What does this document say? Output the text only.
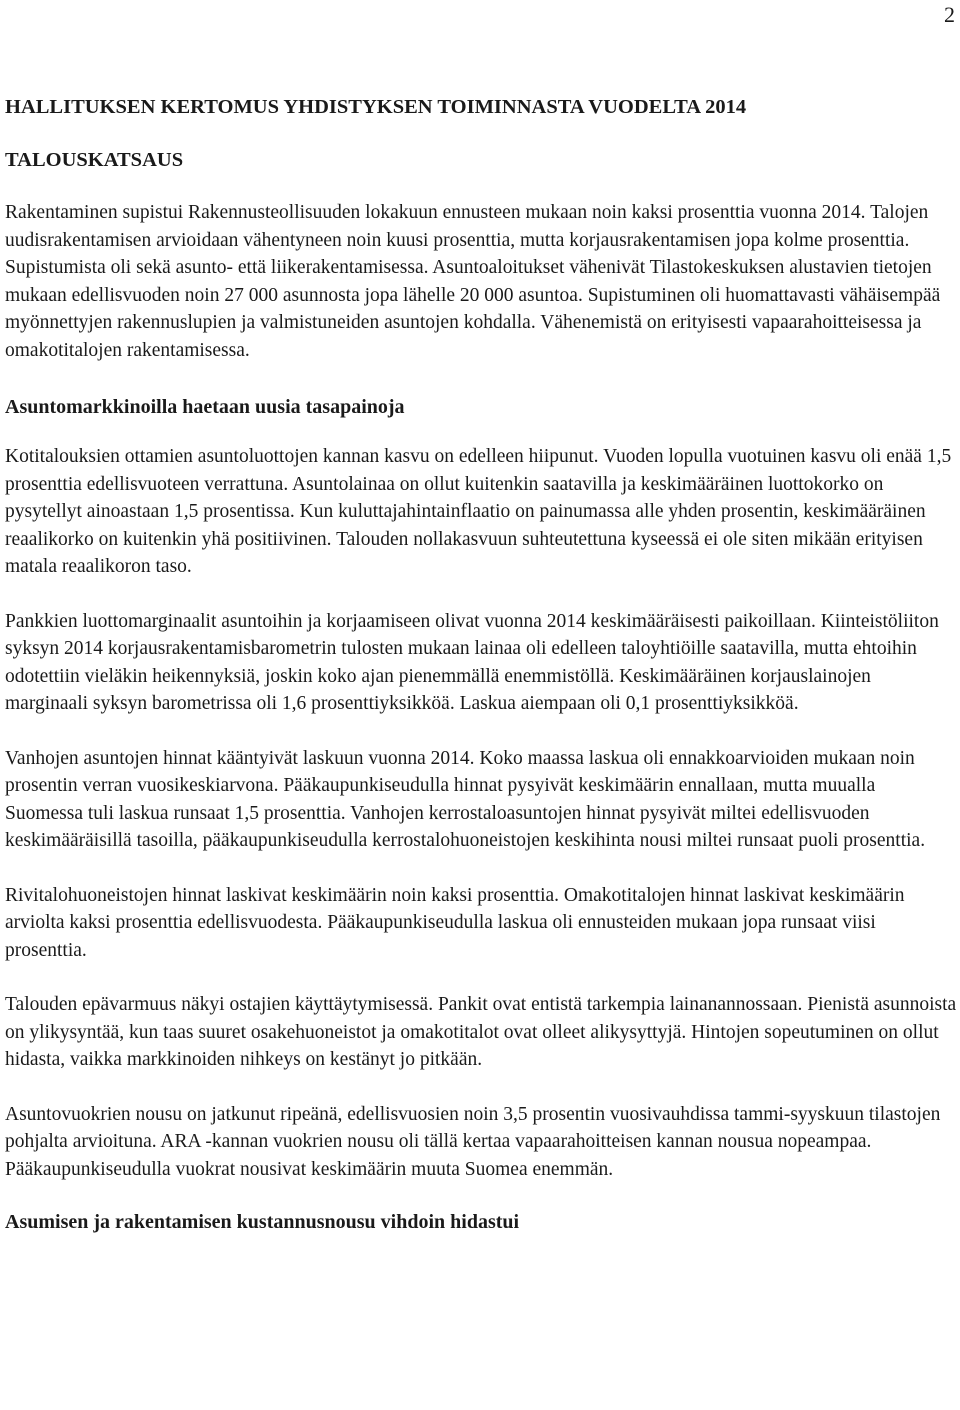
2
HALLITUKSEN KERTOMUS YHDISTYKSEN TOIMINNASTA VUODELTA 2014
TALOUSKATSAUS

Rakentaminen supistui Rakennusteollisuuden lokakuun ennusteen mukaan noin kaksi prosenttia vuonna 2014. Talojen uudisrakentamisen arvioidaan vähentyneen noin kuusi prosenttia, mutta korjausrakentamisen jopa kolme prosenttia. Supistumista oli sekä asunto- että liikerakentamisessa. Asuntoaloitukset vähenivät Tilastokeskuksen alustavien tietojen mukaan edellisvuoden noin 27 000 asunnosta jopa lähelle 20 000 asuntoa. Supistuminen oli huomattavasti vähäisempää myönnettyjen rakennuslupien ja valmistuneiden asuntojen kohdalla. Vähenemistä on erityisesti vapaarahoitteisessa ja omakotitalojen rakentamisessa.

Asuntomarkkinoilla haetaan uusia tasapainoja

Kotitalouksien ottamien asuntoluottojen kannan kasvu on edelleen hiipunut. Vuoden lopulla vuotuinen kasvu oli enää 1,5 prosenttia edellisvuoteen verrattuna. Asuntolainaa on ollut kuitenkin saatavilla ja keskimääräinen luottokorko on pysytellyt ainoastaan 1,5 prosentissa. Kun kuluttajahintainflaatio on painumassa alle yhden prosentin, keskimääräinen reaalikorko on kuitenkin yhä positiivinen. Talouden nollakasvuun suhteutettuna kyseessä ei ole siten mikään erityisen matala reaalikoron taso.

Pankkien luottomarginaalit asuntoihin ja korjaamiseen olivat vuonna 2014 keskimääräisesti paikoillaan. Kiinteistöliiton syksyn 2014 korjausrakentamisbarometrin tulosten mukaan lainaa oli edelleen taloyhtiöille saatavilla, mutta ehtoihin odotettiin vieläkin heikennyksiä, joskin koko ajan pienemmällä enemmistöllä. Keskimääräinen korjauslainojen marginaali syksyn barometrissa oli 1,6 prosenttiyksikköä. Laskua aiempaan oli 0,1 prosenttiyksikköä.

Vanhojen asuntojen hinnat kääntyivät laskuun vuonna 2014. Koko maassa laskua oli ennakkoarvioiden mukaan noin prosentin verran vuosikeskiarvona. Pääkaupunkiseudulla hinnat pysyivät keskimäärin ennallaan, mutta muualla Suomessa tuli laskua runsaat 1,5 prosenttia. Vanhojen kerrostaloasuntojen hinnat pysyivät miltei edellisvuoden keskimääräisillä tasoilla, pääkaupunkiseudulla kerrostalohuoneistojen keskihinta nousi miltei runsaat puoli prosenttia.

Rivitalohuoneistojen hinnat laskivat keskimäärin noin kaksi prosenttia. Omakotitalojen hinnat laskivat keskimäärin arviolta kaksi prosenttia edellisvuodesta. Pääkaupunkiseudulla laskua oli ennusteiden mukaan jopa runsaat viisi prosenttia.

Talouden epävarmuus näkyi ostajien käyttäytymisessä. Pankit ovat entistä tarkempia lainanannossaan. Pienistä asunnoista on ylikysyntää, kun taas suuret osakehuoneistot ja omakotitalot ovat olleet alikysyttyjä. Hintojen sopeutuminen on ollut hidasta, vaikka markkinoiden nihkeys on kestänyt jo pitkään.

Asuntovuokrien nousu on jatkunut ripeänä, edellisvuosien noin 3,5 prosentin vuosivauhdissa tammi-syyskuun tilastojen pohjalta arvioituna. ARA -kannan vuokrien nousu oli tällä kertaa vapaarahoitteisen kannan nousua nopeampaa. Pääkaupunkiseudulla vuokrat nousivat keskimäärin muuta Suomea enemmän.

Asumisen ja rakentamisen kustannusnousu vihdoin hidastui
